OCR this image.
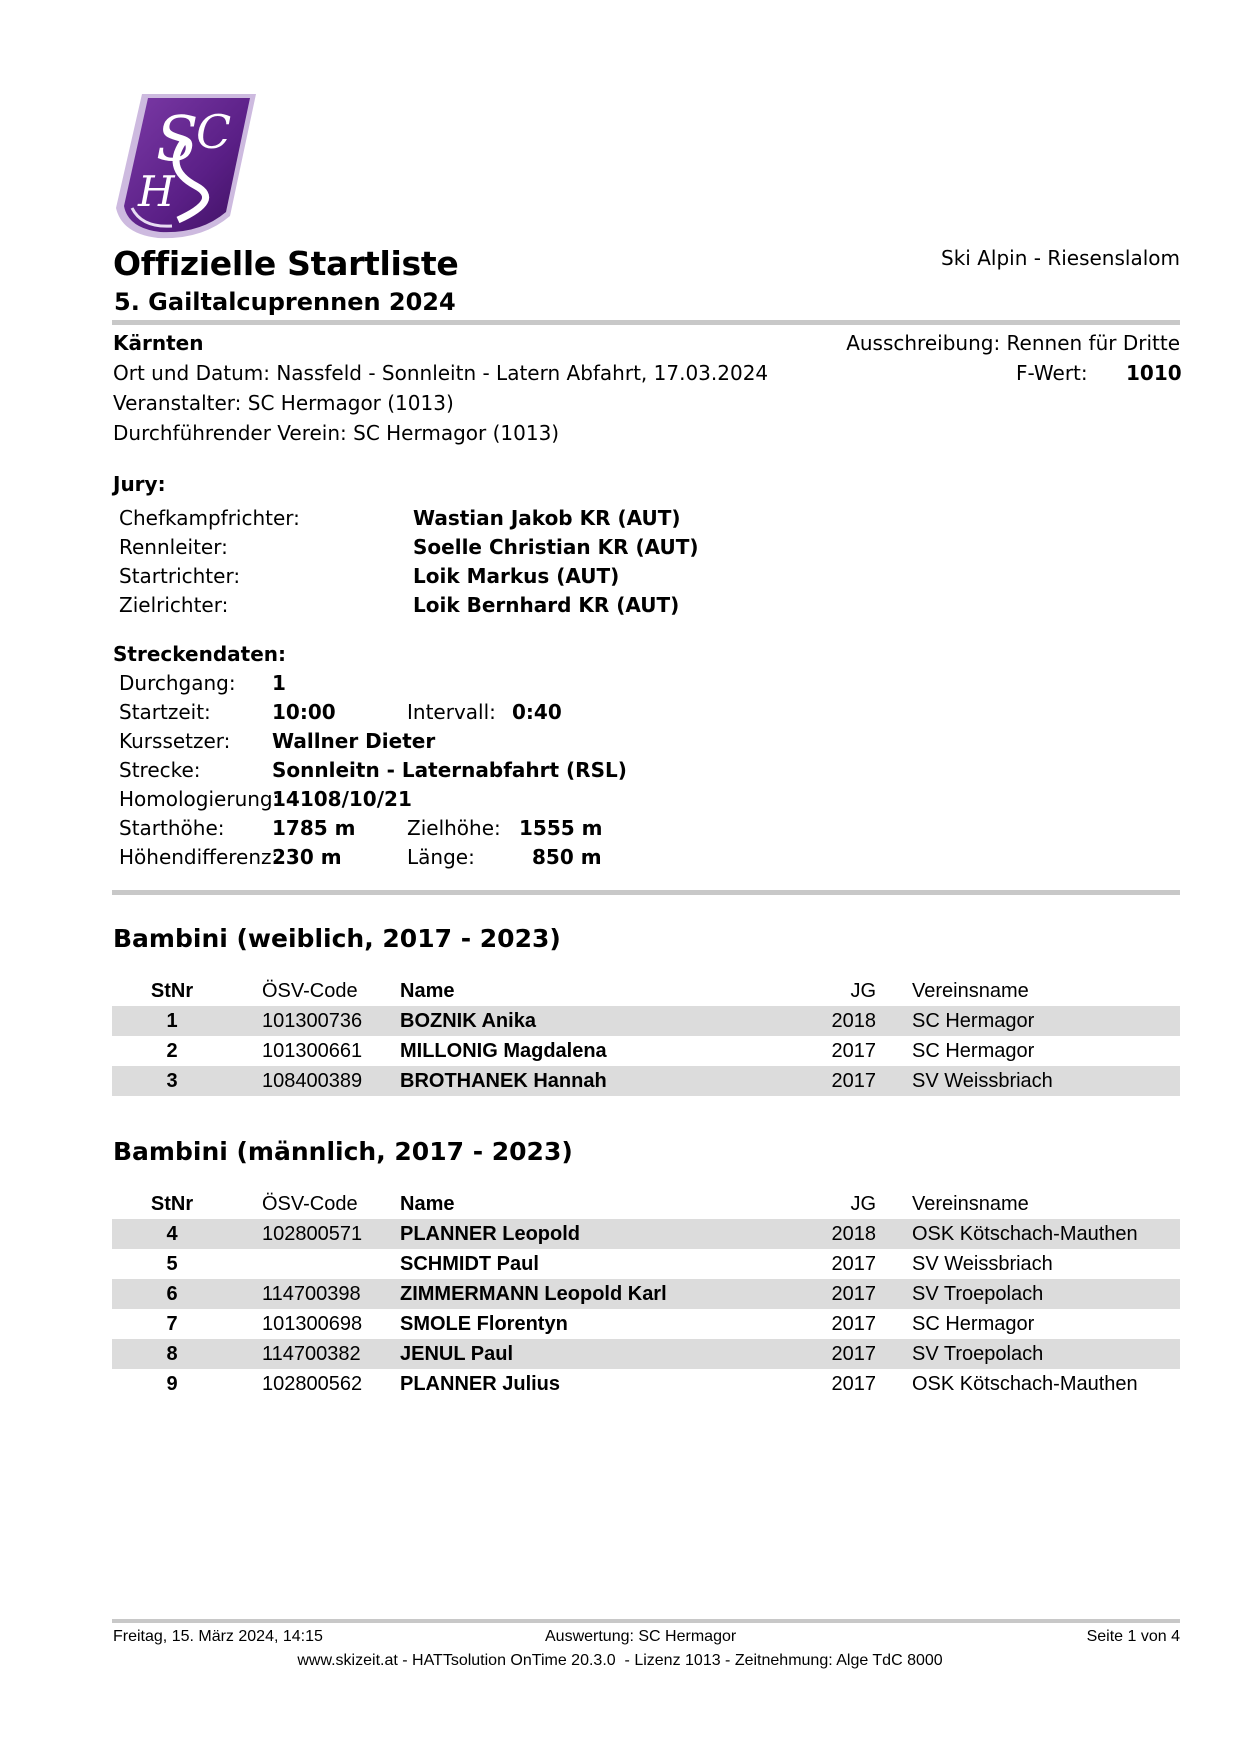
S
C
H
Offizielle Startliste
5. Gailtalcuprennen 2024
Ski Alpin - Riesenslalom
Kärnten
Ort und Datum: Nassfeld - Sonnleitn - Latern Abfahrt, 17.03.2024
Veranstalter: SC Hermagor (1013)
Durchführender Verein: SC Hermagor (1013)
Ausschreibung: Rennen für Dritte
F-Wert: 1010
Jury:
Chefkampfrichter:	Wastian Jakob KR (AUT)
Rennleiter:	Soelle Christian KR (AUT)
Startrichter:	Loik Markus (AUT)
Zielrichter:	Loik Bernhard KR (AUT)
Streckendaten:
Durchgang: 1
Startzeit:	10:00	Intervall: 0:40
Kurssetzer: Wallner Dieter
Strecke:	Sonnleitn - Laternabfahrt (RSL)
Homologierung:
14108/10/21
Starthöhe: 1785 m	Zielhöhe: 1555 m
Höhendifferenz:
230 m	Länge:	850 m
Bambini (weiblich, 2017 - 2023)
StNr	ÖSV-Code	Name	JG	Vereinsname
1	101300736	BOZNIK Anika	2018	SC Hermagor
2	101300661	MILLONIG Magdalena	2017	SC Hermagor
3	108400389	BROTHANEK Hannah	2017	SV Weissbriach
Bambini (männlich, 2017 - 2023)
StNr	ÖSV-Code	Name	JG	Vereinsname
4	102800571	PLANNER Leopold	2018	OSK Kötschach-Mauthen
5		SCHMIDT Paul	2017	SV Weissbriach
6	114700398	ZIMMERMANN Leopold Karl	2017	SV Troepolach
7	101300698	SMOLE Florentyn	2017	SC Hermagor
8	114700382	JENUL Paul	2017	SV Troepolach
9	102800562	PLANNER Julius	2017	OSK Kötschach-Mauthen
Freitag, 15. März 2024, 14:15	Auswertung: SC Hermagor	Seite 1 von 4
www.skizeit.at - HATTsolution OnTime 20.3.0  - Lizenz 1013 - Zeitnehmung: Alge TdC 8000
